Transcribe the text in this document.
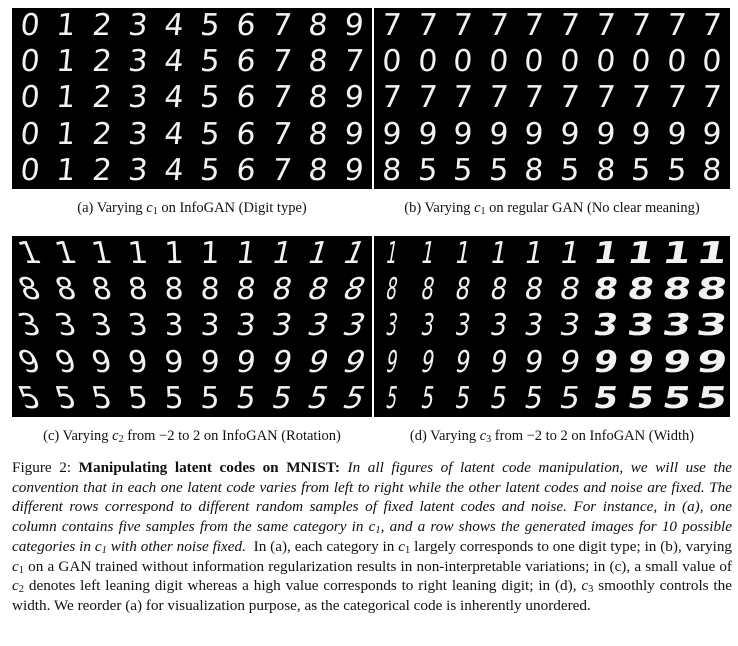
0 1 2 3 4 5 6 7 8 9
0 1 2 3 4 5 6 7 8 7
0 1 2 3 4 5 6 7 8 9
0 1 2 3 4 5 6 7 8 9
0 1 2 3 4 5 6 7 8 9
7 7 7 7 7 7 7 7 7 7
0 0 0 0 0 0 0 0 0 0
7 7 7 7 7 7 7 7 7 7
9 9 9 9 9 9 9 9 9 9
8 5 5 5 8 5 8 5 5 8
1 1 1 1 1 1 1 1 1 1
8 8 8 8 8 8 8 8 8 8
3 3 3 3 3 3 3 3 3 3
9 9 9 9 9 9 9 9 9 9
5 5 5 5 5 5 5 5 5 5
1 1 1 1 1 1 1 1 1 1
8 8 8 8 8 8 8 8 8 8
3 3 3 3 3 3 3 3 3 3
9 9 9 9 9 9 9 9 9 9
5 5 5 5 5 5 5 5 5 5
(a) Varying $c_1$ on InfoGAN (Digit type)	(b) Varying $c_1$ on regular GAN (No clear meaning)
(c) Varying $c_2$ from −2 to 2 on InfoGAN (Rotation)	(d) Varying $c_3$ from −2 to 2 on InfoGAN (Width)
Figure 2: Manipulating latent codes on MNIST: In all figures of latent code manipulation, we will use the convention that in each one latent code varies from left to right while the other latent codes and noise are fixed. The different rows correspond to different random samples of fixed latent codes and noise. For instance, in (a), one column contains five samples from the same category in $c_1$, and a row shows the generated images for 10 possible categories in $c_1$ with other noise fixed. In (a), each category in $c_1$ largely corresponds to one digit type; in (b), varying $c_1$ on a GAN trained without information regularization results in non-interpretable variations; in (c), a small value of $c_2$ denotes left leaning digit whereas a high value corresponds to right leaning digit; in (d), $c_3$ smoothly controls the width. We reorder (a) for visualization purpose, as the categorical code is inherently unordered.
